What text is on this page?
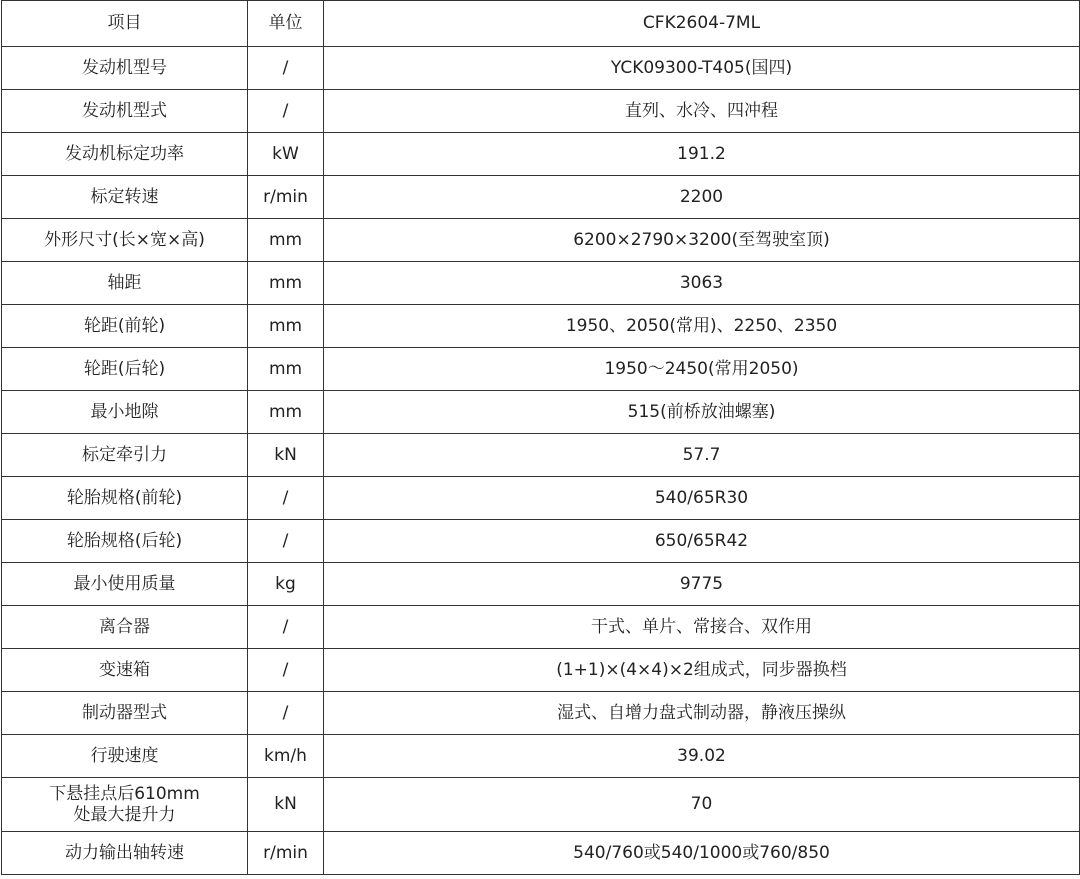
项目	单位	CFK2604-7ML
发动机型号	/	YCK09300-T405(国四)
发动机型式	/	直列、水冷、四冲程
发动机标定功率	kW	191.2
标定转速	r/min	2200
外形尺寸(长×宽×高)	mm	6200×2790×3200(至驾驶室顶)
轴距	mm	3063
轮距(前轮)	mm	1950、2050(常用)、2250、2350
轮距(后轮)	mm	1950～2450(常用2050)
最小地隙	mm	515(前桥放油螺塞)
标定牵引力	kN	57.7
轮胎规格(前轮)	/	540/65R30
轮胎规格(后轮)	/	650/65R42
最小使用质量	kg	9775
离合器	/	干式、单片、常接合、双作用
变速箱	/	(1+1)×(4×4)×2组成式，同步器换档
制动器型式	/	湿式、自增力盘式制动器，静液压操纵
行驶速度	km/h	39.02
下悬挂点后610mm
处最大提升力	kN	70
动力输出轴转速	r/min	540/760或540/1000或760/850
